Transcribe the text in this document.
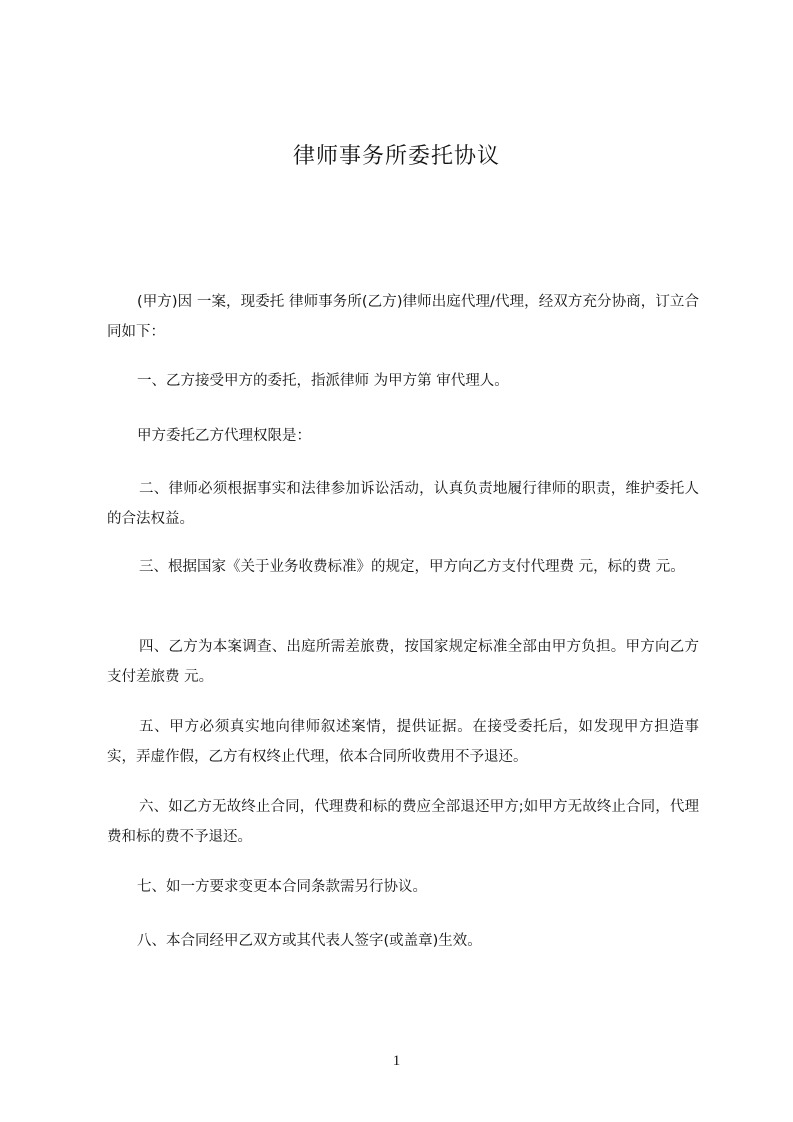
律师事务所委托协议
(甲方)因 一案，现委托 律师事务所(乙方)律师出庭代理/代理，经双方充分协商，订立合同如下：
一、乙方接受甲方的委托，指派律师 为甲方第 审代理人。
甲方委托乙方代理权限是：
二、律师必须根据事实和法律参加诉讼活动，认真负责地履行律师的职责，维护委托人的合法权益。
三、根据国家《关于业务收费标准》的规定，甲方向乙方支付代理费 元，标的费 元。
四、乙方为本案调查、出庭所需差旅费，按国家规定标准全部由甲方负担。甲方向乙方支付差旅费 元。
五、甲方必须真实地向律师叙述案情，提供证据。在接受委托后，如发现甲方担造事实，弄虚作假，乙方有权终止代理，依本合同所收费用不予退还。
六、如乙方无故终止合同，代理费和标的费应全部退还甲方;如甲方无故终止合同，代理费和标的费不予退还。
七、如一方要求变更本合同条款需另行协议。
八、本合同经甲乙双方或其代表人签字(或盖章)生效。
1
